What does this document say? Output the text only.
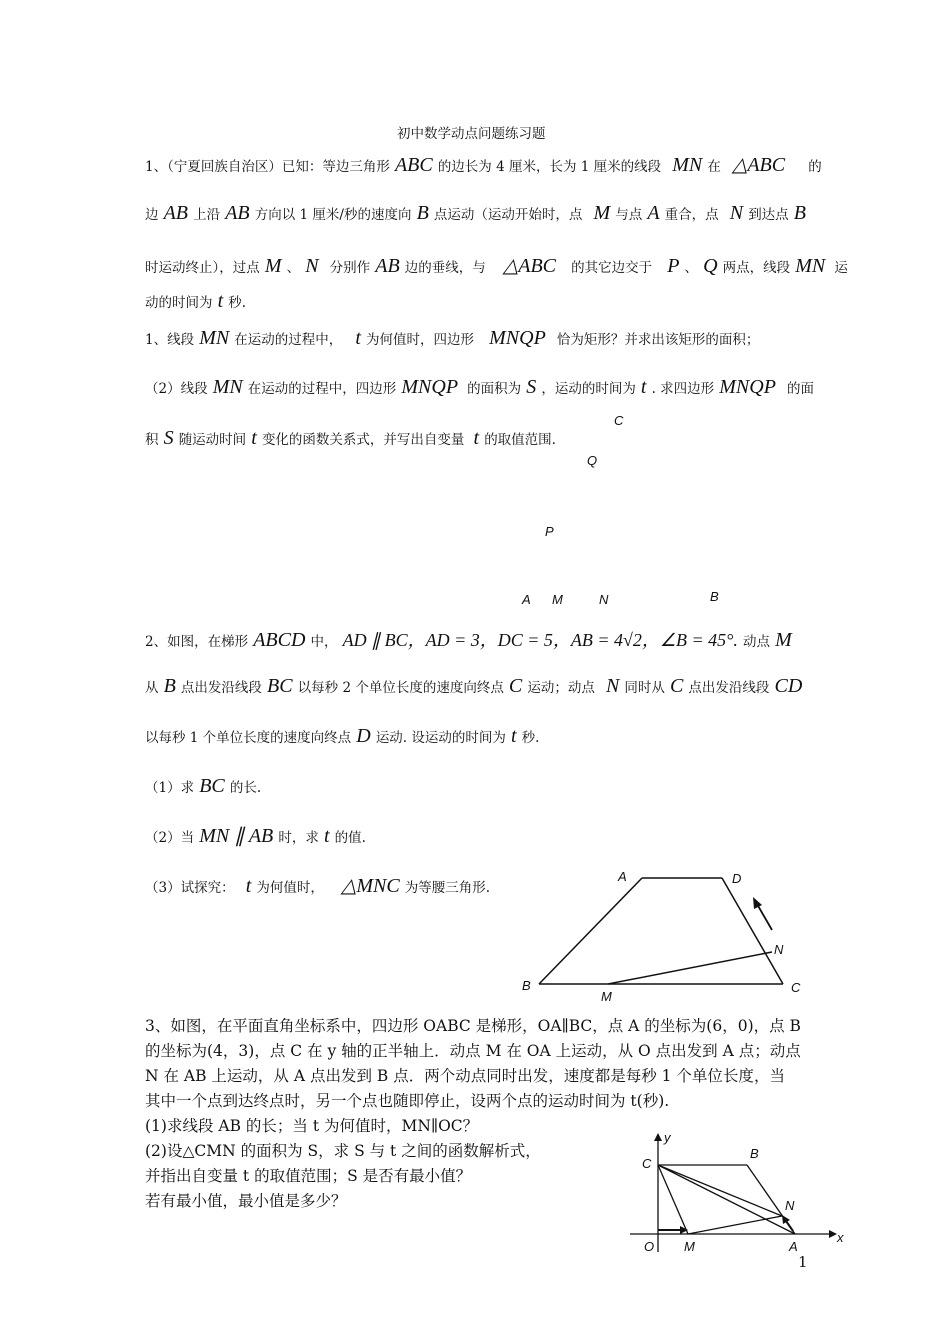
初中数学动点问题练习题
1、（宁夏回族自治区）已知：等边三角形 ABC 的边长为 4 厘米，长为 1 厘米的线段 MN 在 △ABC 的
边 AB 上沿 AB 方向以 1 厘米/秒的速度向 B 点运动（运动开始时，点 M 与点 A 重合，点 N 到达点 B
时运动终止），过点 M 、 N 分别作 AB 边的垂线，与 △ABC 的其它边交于 P 、 Q 两点，线段 MN 运
动的时间为 t 秒.
1、线段 MN 在运动的过程中， t 为何值时，四边形 MNQP 恰为矩形？并求出该矩形的面积；
（2）线段 MN 在运动的过程中，四边形 MNQP 的面积为 S ，运动的时间为 t . 求四边形 MNQP 的面
积 S 随运动时间 t 变化的函数关系式，并写出自变量 t 的取值范围.
C
Q
P
A M	N	B
2、如图，在梯形 ABCD 中， AD ∥ BC，AD = 3，DC = 5，AB = 4√2，∠B = 45°. 动点 M
从 B 点出发沿线段 BC 以每秒 2 个单位长度的速度向终点 C 运动；动点 N 同时从 C 点出发沿线段 CD
以每秒 1 个单位长度的速度向终点 D 运动. 设运动的时间为 t 秒.
（1）求 BC 的长.
（2）当 MN ∥ AB 时，求 t 的值.
（3）试探究： t 为何值时， △MNC 为等腰三角形.
A	D
N
B
M
C
3、如图，在平面直角坐标系中，四边形 OABC 是梯形，OA∥BC，点 A 的坐标为(6，0)，点 B
的坐标为(4，3)，点 C 在 y 轴的正半轴上．动点 M 在 OA 上运动，从 O 点出发到 A 点；动点
N 在 AB 上运动，从 A 点出发到 B 点．两个动点同时出发，速度都是每秒 1 个单位长度，当
其中一个点到达终点时，另一个点也随即停止，设两个点的运动时间为 t(秒).
(1)求线段 AB 的长；当 t 为何值时，MN∥OC？
(2)设△CMN 的面积为 S，求 S 与 t 之间的函数解析式，
并指出自变量 t 的取值范围；S 是否有最小值？
若有最小值，最小值是多少？
y
x
C
B
N
O M	A
1
